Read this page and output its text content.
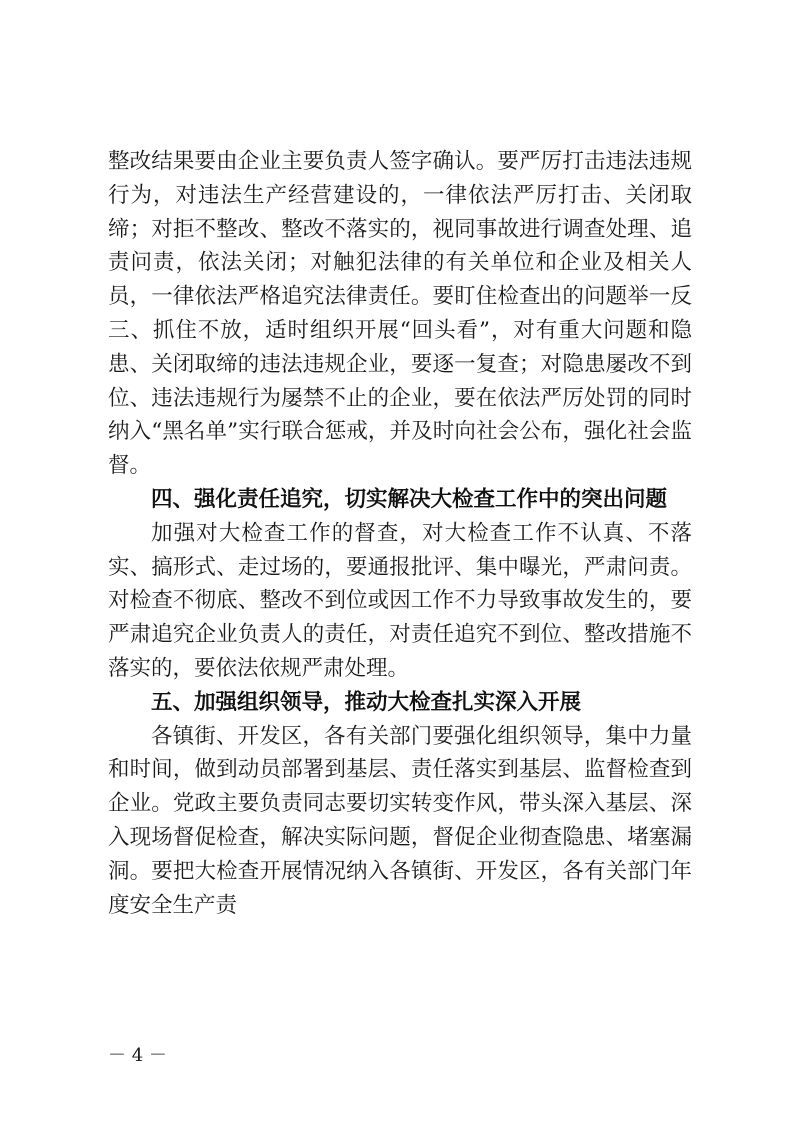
整改结果要由企业主要负责人签字确认。要严厉打击违法违规行为，对违法生产经营建设的，一律依法严厉打击、关闭取缔；对拒不整改、整改不落实的，视同事故进行调查处理、追责问责，依法关闭；对触犯法律的有关单位和企业及相关人员，一律依法严格追究法律责任。要盯住检查出的问题举一反三、抓住不放，适时组织开展“回头看”，对有重大问题和隐患、关闭取缔的违法违规企业，要逐一复查；对隐患屡改不到位、违法违规行为屡禁不止的企业，要在依法严厉处罚的同时纳入“黑名单”实行联合惩戒，并及时向社会公布，强化社会监督。

四、强化责任追究，切实解决大检查工作中的突出问题

加强对大检查工作的督查，对大检查工作不认真、不落实、搞形式、走过场的，要通报批评、集中曝光，严肃问责。对检查不彻底、整改不到位或因工作不力导致事故发生的，要严肃追究企业负责人的责任，对责任追究不到位、整改措施不落实的，要依法依规严肃处理。

五、加强组织领导，推动大检查扎实深入开展

各镇街、开发区，各有关部门要强化组织领导，集中力量和时间，做到动员部署到基层、责任落实到基层、监督检查到企业。党政主要负责同志要切实转变作风，带头深入基层、深入现场督促检查，解决实际问题，督促企业彻查隐患、堵塞漏洞。要把大检查开展情况纳入各镇街、开发区，各有关部门年度安全生产责

－ 4 －
